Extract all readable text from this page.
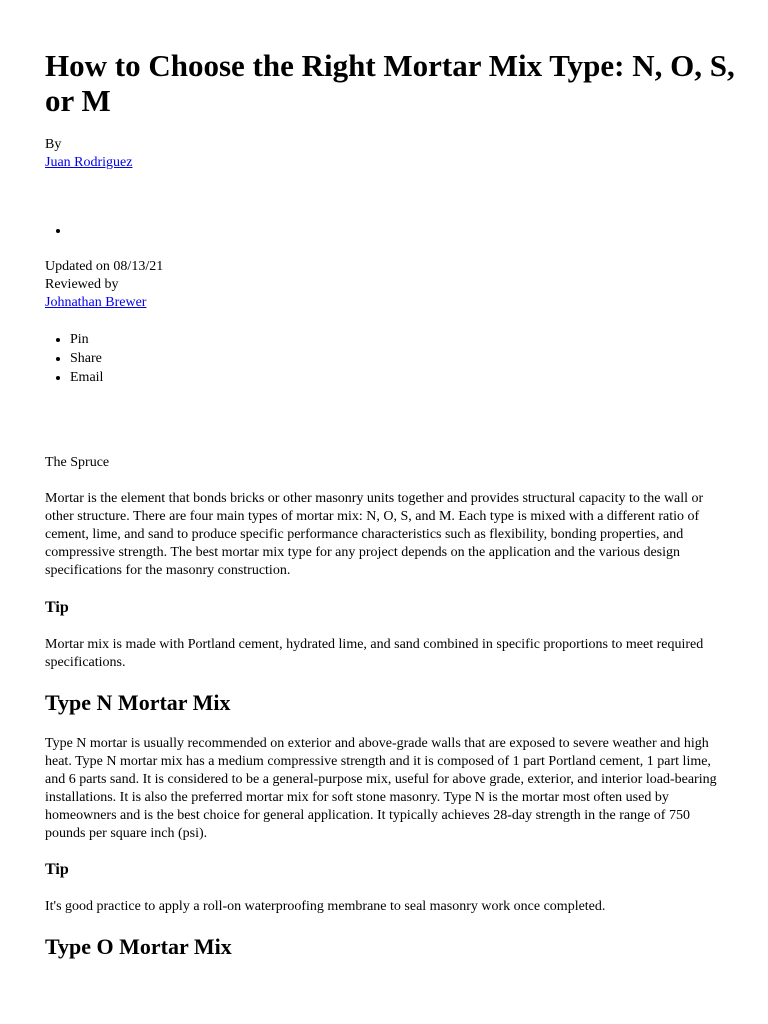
How to Choose the Right Mortar Mix Type: N, O, S, or M
By
Juan Rodriguez
Updated on 08/13/21
Reviewed by
Johnathan Brewer
• Pin
• Share
• Email
The Spruce

Mortar is the element that bonds bricks or other masonry units together and provides structural capacity to the wall or other structure. There are four main types of mortar mix: N, O, S, and M. Each type is mixed with a different ratio of cement, lime, and sand to produce specific performance characteristics such as flexibility, bonding properties, and compressive strength. The best mortar mix type for any project depends on the application and the various design specifications for the masonry construction.

Tip

Mortar mix is made with Portland cement, hydrated lime, and sand combined in specific proportions to meet required specifications.

Type N Mortar Mix

Type N mortar is usually recommended on exterior and above-grade walls that are exposed to severe weather and high heat. Type N mortar mix has a medium compressive strength and it is composed of 1 part Portland cement, 1 part lime, and 6 parts sand. It is considered to be a general-purpose mix, useful for above grade, exterior, and interior load-bearing installations. It is also the preferred mortar mix for soft stone masonry. Type N is the mortar most often used by homeowners and is the best choice for general application. It typically achieves 28-day strength in the range of 750 pounds per square inch (psi).

Tip

It's good practice to apply a roll-on waterproofing membrane to seal masonry work once completed.

Type O Mortar Mix
